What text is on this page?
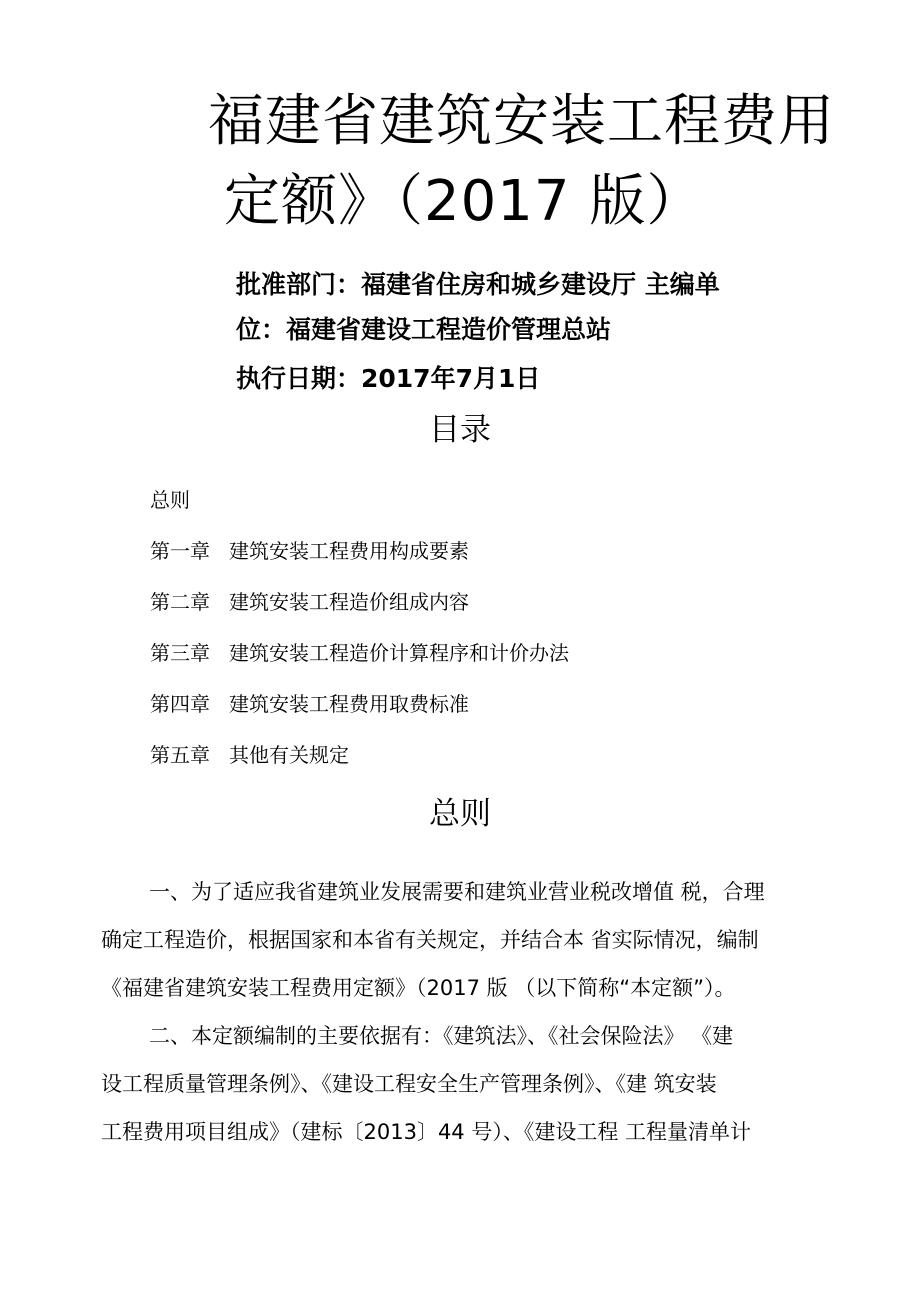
福建省建筑安装工程费用
定额》（2017 版）
批准部门：福建省住房和城乡建设厅 主编单
位：福建省建设工程造价管理总站
执行日期：2017年7月1日
目录
总则
第一章 建筑安装工程费用构成要素
第二章 建筑安装工程造价组成内容
第三章 建筑安装工程造价计算程序和计价办法
第四章 建筑安装工程费用取费标准
第五章 其他有关规定
总则

一、为了适应我省建筑业发展需要和建筑业营业税改增值 税，合理
确定工程造价，根据国家和本省有关规定，并结合本 省实际情况，编制
《福建省建筑安装工程费用定额》（2017 版 （以下简称“本定额”）。

二、本定额编制的主要依据有：《建筑法》、《社会保险法》 《建
设工程质量管理条例》、《建设工程安全生产管理条例》、《建 筑安装
工程费用项目组成》（建标〔2013〕44 号）、《建设工程 工程量清单计
